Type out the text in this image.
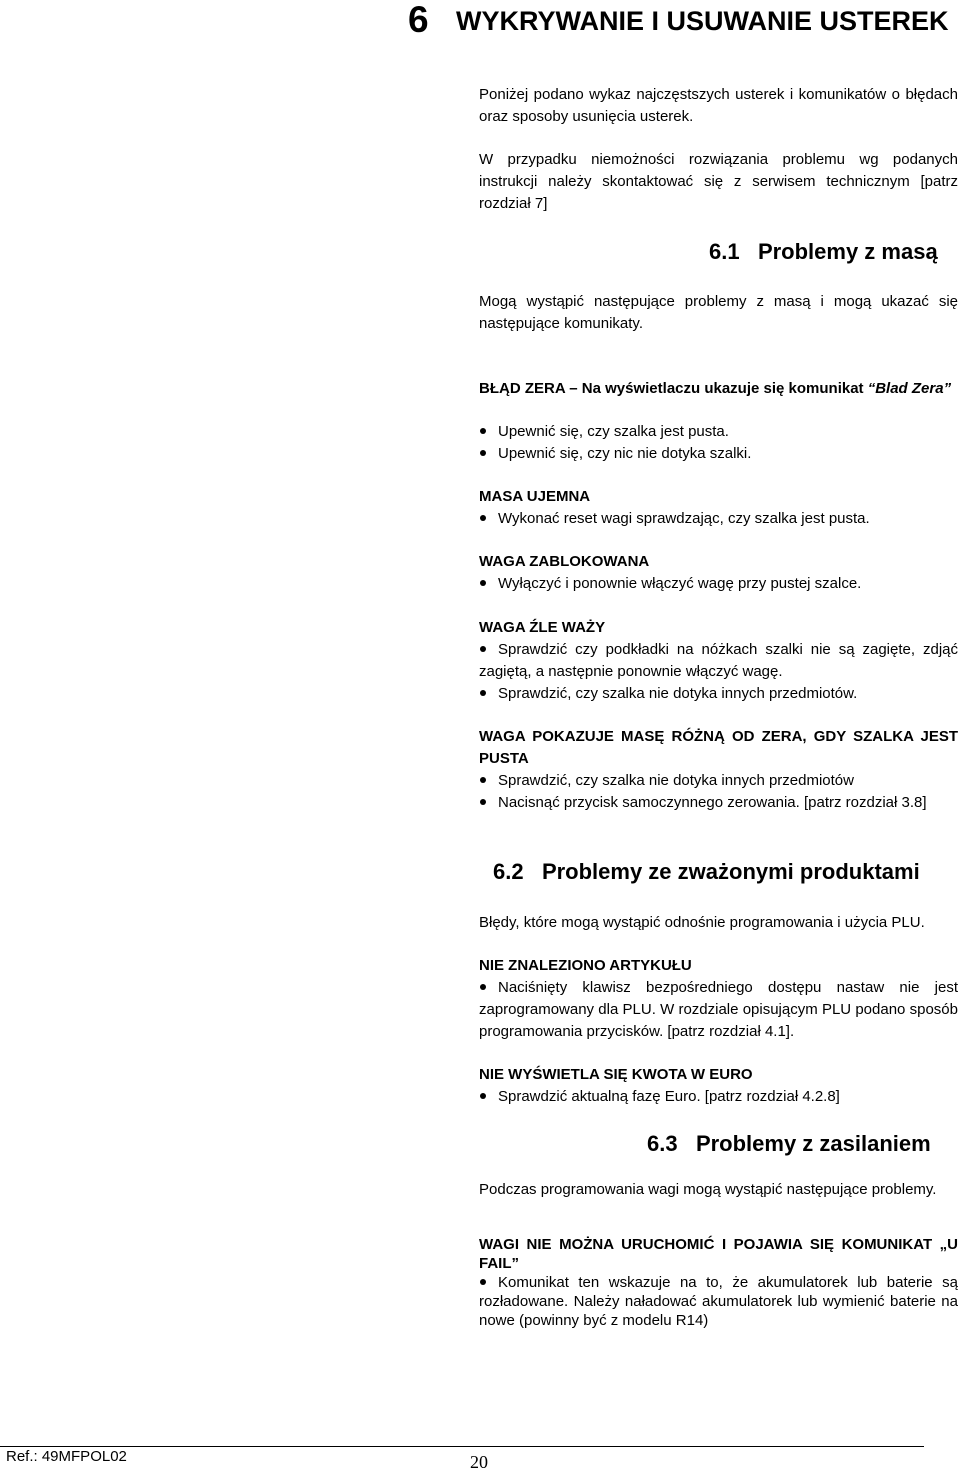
6 WYKRYWANIE I USUWANIE USTEREK
Poniżej podano wykaz najczęstszych usterek i komunikatów o błędach oraz sposoby usunięcia usterek.
W przypadku niemożności rozwiązania problemu wg podanych instrukcji należy skontaktować się z serwisem technicznym [patrz rozdział 7]
6.1 Problemy z masą
Mogą wystąpić następujące problemy z masą i mogą ukazać się następujące komunikaty.
BŁĄD ZERA – Na wyświetlaczu ukazuje się komunikat “Blad Zera”
Upewnić się, czy szalka jest pusta.
Upewnić się, czy nic nie dotyka szalki.
MASA UJEMNA
Wykonać reset wagi sprawdzając, czy szalka jest pusta.
WAGA ZABLOKOWANA
Wyłączyć i ponownie włączyć wagę przy pustej szalce.
WAGA ŹLE WAŻY
Sprawdzić czy podkładki na nóżkach szalki nie są zagięte, zdjąć zagiętą, a następnie ponownie włączyć wagę.
Sprawdzić, czy szalka nie dotyka innych przedmiotów.
WAGA POKAZUJE MASĘ RÓŻNĄ OD ZERA, GDY SZALKA JEST PUSTA
Sprawdzić, czy szalka nie dotyka innych przedmiotów
Nacisnąć przycisk samoczynnego zerowania. [patrz rozdział 3.8]
6.2 Problemy ze zważonymi produktami
Błędy, które mogą wystąpić odnośnie programowania i użycia PLU.
NIE ZNALEZIONO ARTYKUŁU
Naciśnięty klawisz bezpośredniego dostępu nastaw nie jest zaprogramowany dla PLU. W rozdziale opisującym PLU podano sposób programowania przycisków. [patrz rozdział 4.1].
NIE WYŚWIETLA SIĘ KWOTA W EURO
Sprawdzić aktualną fazę Euro. [patrz rozdział 4.2.8]
6.3 Problemy z zasilaniem
Podczas programowania wagi mogą wystąpić następujące problemy.
WAGI NIE MOŻNA URUCHOMIĆ I POJAWIA SIĘ KOMUNIKAT „U FAIL”
Komunikat ten wskazuje na to, że akumulatorek lub baterie są rozładowane. Należy naładować akumulatorek lub wymienić baterie na nowe (powinny być z modelu R14)
Ref.: 49MFPOL02	20
